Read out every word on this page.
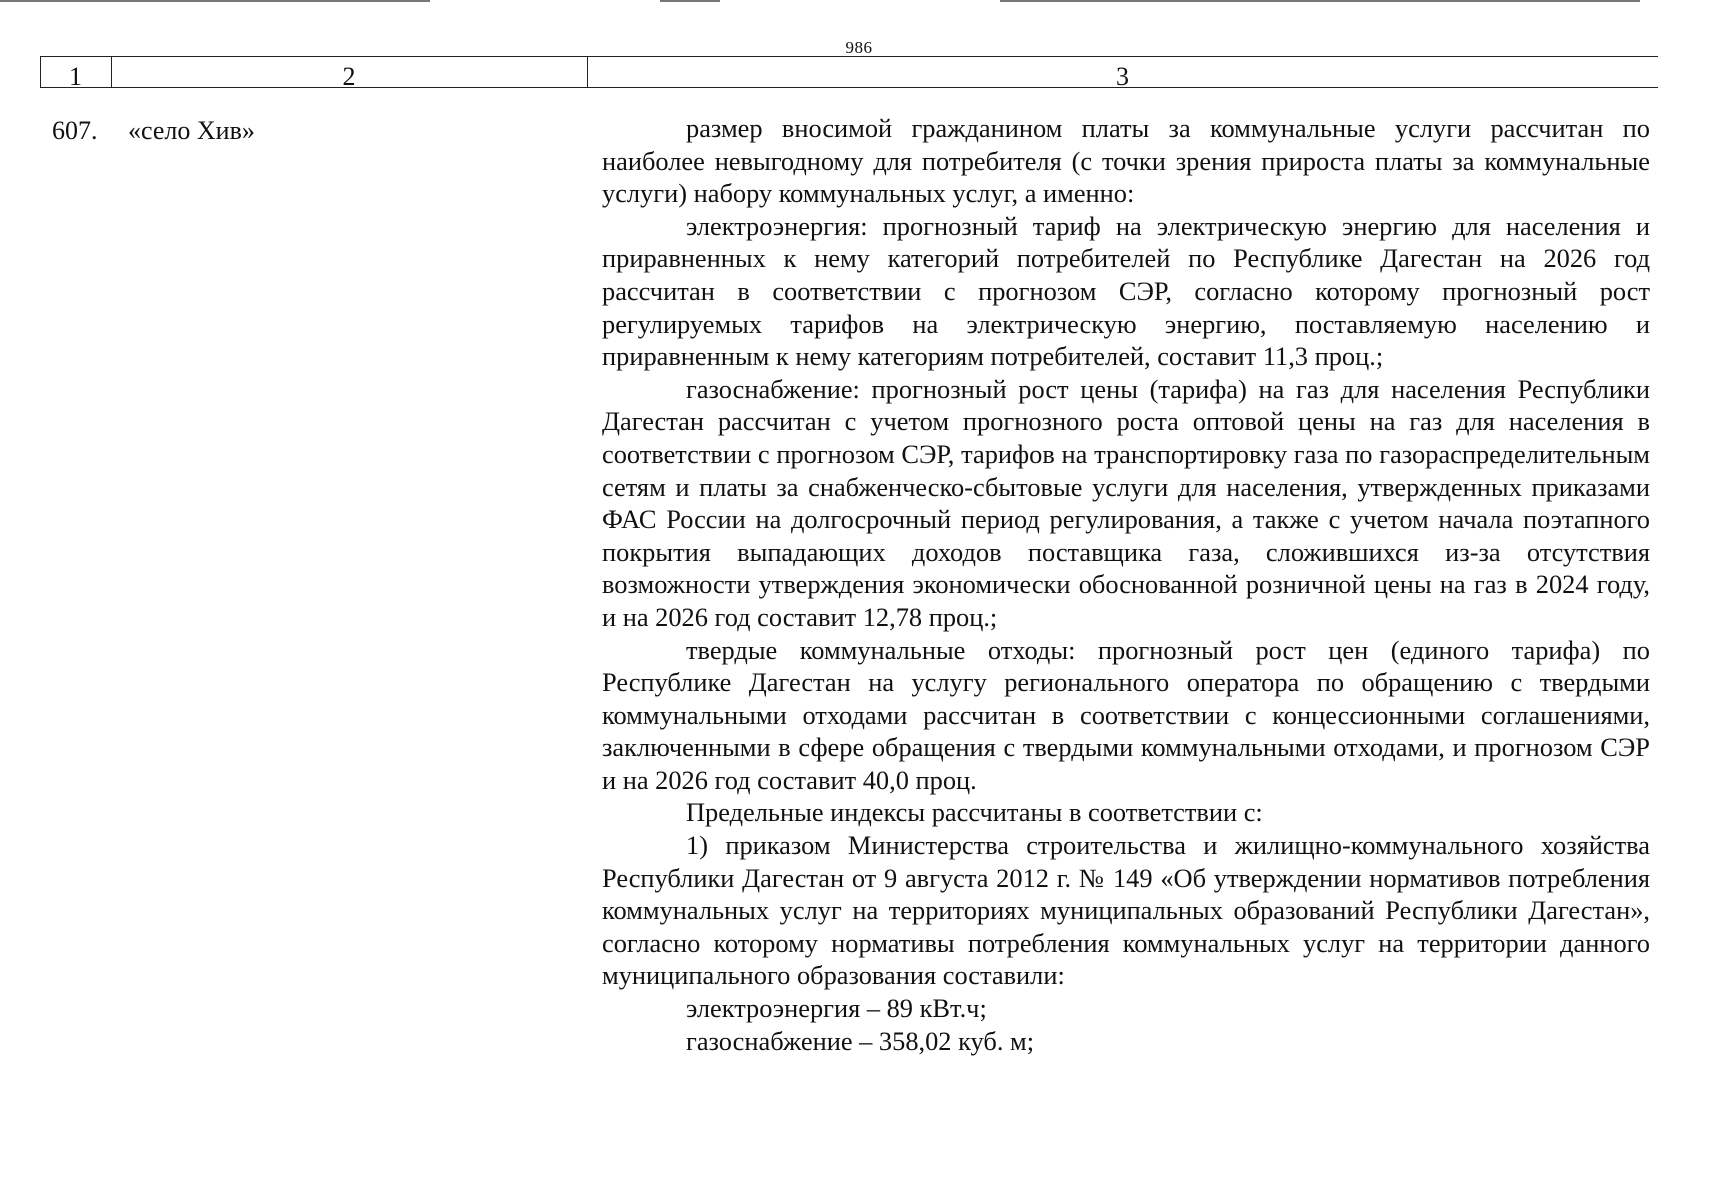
986
1	2	3
607. «село Хив»	размер вносимой гражданином платы за коммунальные услуги рассчитан по наиболее невыгодному для потребителя (с точки зрения прироста платы за коммунальные услуги) набору коммунальных услуг, а именно:

электроэнергия: прогнозный тариф на электрическую энергию для населения и приравненных к нему категорий потребителей по Республике Дагестан на 2026 год рассчитан в соответствии с прогнозом СЭР, согласно которому прогнозный рост регулируемых тарифов на электрическую энергию, поставляемую населению и приравненным к нему категориям потребителей, составит 11,3 проц.;

газоснабжение: прогнозный рост цены (тарифа) на газ для населения Республики Дагестан рассчитан с учетом прогнозного роста оптовой цены на газ для населения в соответствии с прогнозом СЭР, тарифов на транспортировку газа по газораспределительным сетям и платы за снабженческо-сбытовые услуги для населения, утвержденных приказами ФАС России на долгосрочный период регулирования, а также с учетом начала поэтапного покрытия выпадающих доходов поставщика газа, сложившихся из-за отсутствия возможности утверждения экономически обоснованной розничной цены на газ в 2024 году, и на 2026 год составит 12,78 проц.;

твердые коммунальные отходы: прогнозный рост цен (единого тарифа) по Республике Дагестан на услугу регионального оператора по обращению с твердыми коммунальными отходами рассчитан в соответствии с концессионными соглашениями, заключенными в сфере обращения с твердыми коммунальными отходами, и прогнозом СЭР и на 2026 год составит 40,0 проц.

Предельные индексы рассчитаны в соответствии с:

1) приказом Министерства строительства и жилищно-коммунального хозяйства Республики Дагестан от 9 августа 2012 г. № 149 «Об утверждении нормативов потребления коммунальных услуг на территориях муниципальных образований Республики Дагестан», согласно которому нормативы потребления коммунальных услуг на территории данного муниципального образования составили:

электроэнергия – 89 кВт.ч;

газоснабжение – 358,02 куб. м;
